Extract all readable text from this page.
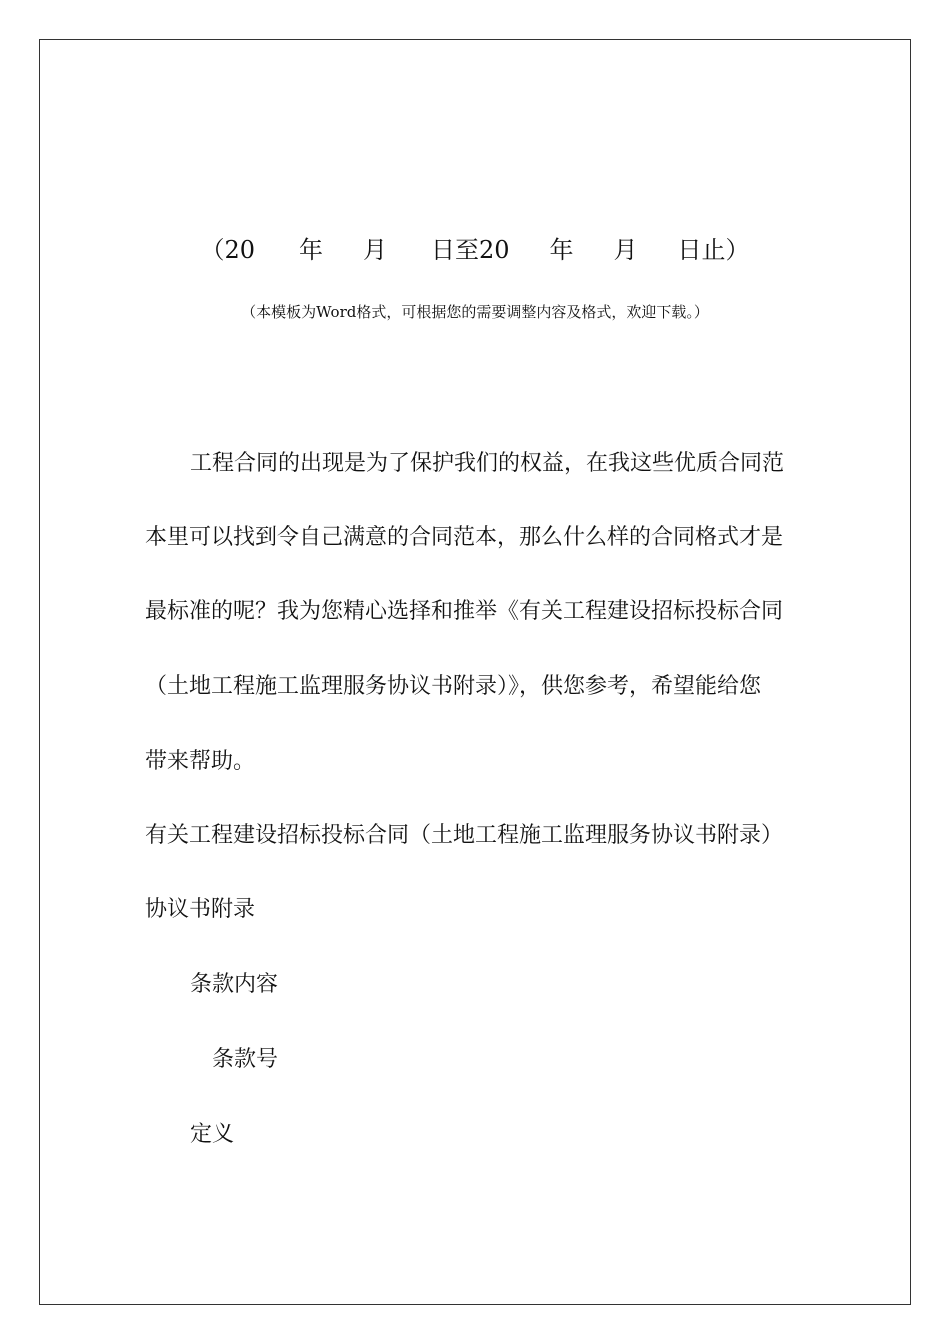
（20 年 月 日至20 年 月 日止）
（本模板为Word格式，可根据您的需要调整内容及格式，欢迎下载。）
工程合同的出现是为了保护我们的权益，在我这些优质合同范
本里可以找到令自己满意的合同范本，那么什么样的合同格式才是
最标准的呢？我为您精心选择和推举《有关工程建设招标投标合同
（土地工程施工监理服务协议书附录）》，供您参考，希望能给您
带来帮助。
有关工程建设招标投标合同（土地工程施工监理服务协议书附录）
协议书附录
条款内容
条款号
定义
